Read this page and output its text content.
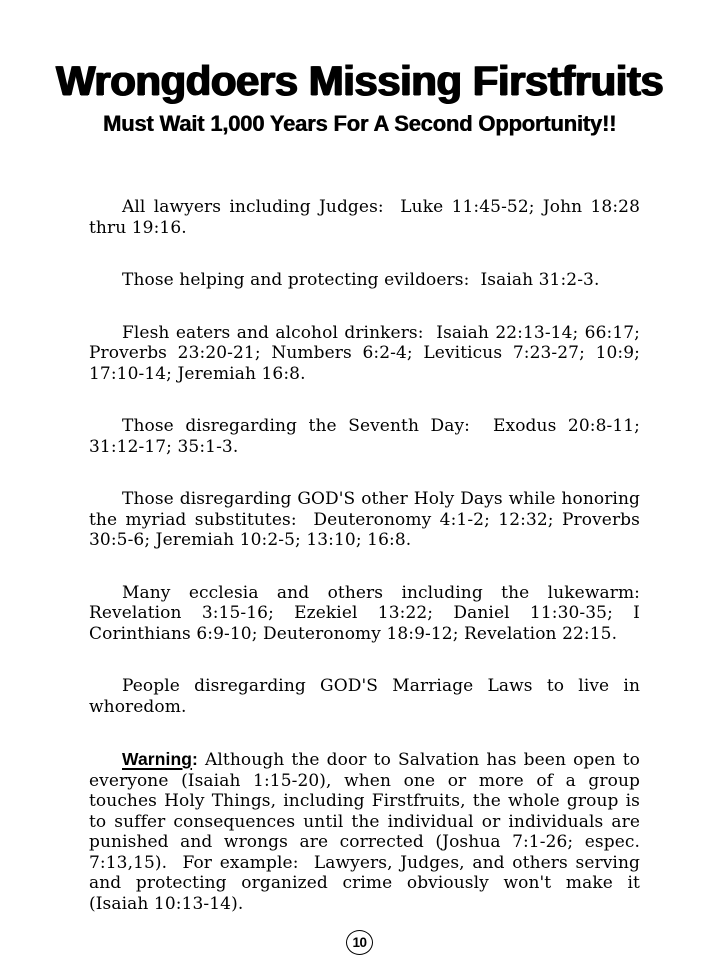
Wrongdoers Missing Firstfruits
Must Wait 1,000 Years For A Second Opportunity!!

All lawyers including Judges:  Luke 11:45-52; John 18:28 thru 19:16.

Those helping and protecting evildoers:  Isaiah 31:2-3.

Flesh eaters and alcohol drinkers:  Isaiah 22:13-14; 66:17; Proverbs 23:20-21; Numbers 6:2-4; Leviticus 7:23-27; 10:9; 17:10-14; Jeremiah 16:8.

Those disregarding the Seventh Day:  Exodus 20:8-11; 31:12-17; 35:1-3.

Those disregarding GOD'S other Holy Days while honoring the myriad substitutes:  Deuteronomy 4:1-2; 12:32; Proverbs 30:5-6; Jeremiah 10:2-5; 13:10; 16:8.

Many ecclesia and others including the lukewarm: Revelation 3:15-16; Ezekiel 13:22; Daniel 11:30-35; I Corinthians 6:9-10; Deuteronomy 18:9-12; Revelation 22:15.

People disregarding GOD'S Marriage Laws to live in whoredom.

Warning: Although the door to Salvation has been open to everyone (Isaiah 1:15-20), when one or more of a group touches Holy Things, including Firstfruits, the whole group is to suffer consequences until the individual or individuals are punished and wrongs are corrected (Joshua 7:1-26; espec. 7:13,15).  For example:  Lawyers, Judges, and others serving and protecting organized crime obviously won't make it (Isaiah 10:13-14).

10
